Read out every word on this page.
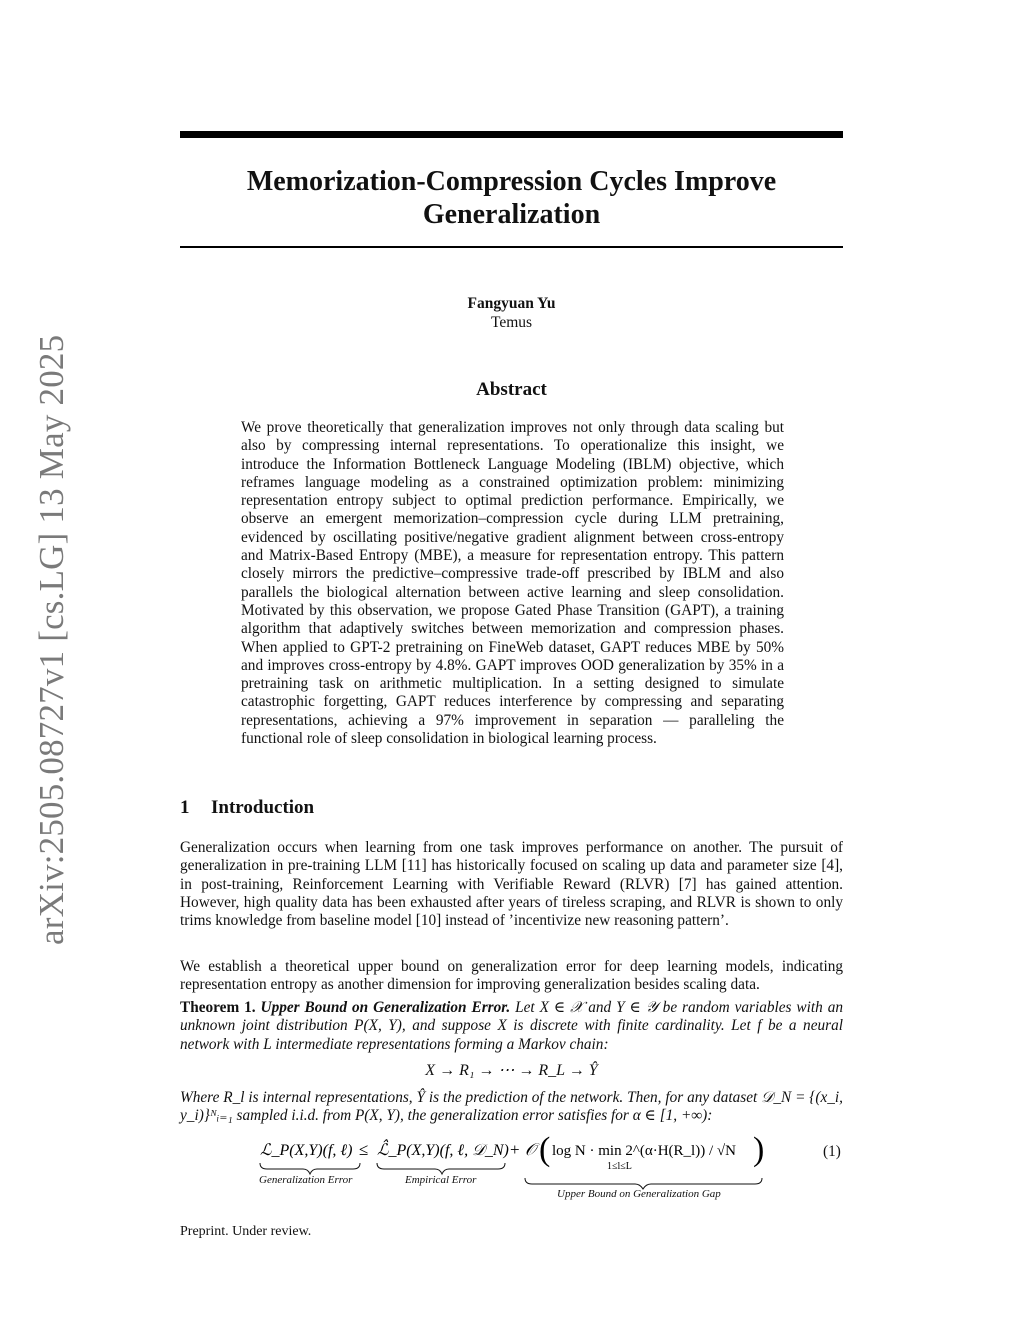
arXiv:2505.08727v1 [cs.LG] 13 May 2025
Memorization-Compression Cycles Improve
Generalization
Fangyuan Yu
Temus
Abstract
We prove theoretically that generalization improves not only through data scaling but also by compressing internal representations. To operationalize this insight, we introduce the Information Bottleneck Language Modeling (IBLM) objective, which reframes language modeling as a constrained optimization problem: minimizing representation entropy subject to optimal prediction performance. Empirically, we observe an emergent memorization–compression cycle during LLM pretraining, evidenced by oscillating positive/negative gradient alignment between cross-entropy and Matrix-Based Entropy (MBE), a measure for representation entropy. This pattern closely mirrors the predictive–compressive trade-off prescribed by IBLM and also parallels the biological alternation between active learning and sleep consolidation. Motivated by this observation, we propose Gated Phase Transition (GAPT), a training algorithm that adaptively switches between memorization and compression phases. When applied to GPT-2 pretraining on FineWeb dataset, GAPT reduces MBE by 50% and improves cross-entropy by 4.8%. GAPT improves OOD generalization by 35% in a pretraining task on arithmetic multiplication. In a setting designed to simulate catastrophic forgetting, GAPT reduces interference by compressing and separating representations, achieving a 97% improvement in separation — paralleling the functional role of sleep consolidation in biological learning process.
1 Introduction
Generalization occurs when learning from one task improves performance on another. The pursuit of generalization in pre-training LLM [11] has historically focused on scaling up data and parameter size [4], in post-training, Reinforcement Learning with Verifiable Reward (RLVR) [7] has gained attention. However, high quality data has been exhausted after years of tireless scraping, and RLVR is shown to only trims knowledge from baseline model [10] instead of ’incentivize new reasoning pattern’.
We establish a theoretical upper bound on generalization error for deep learning models, indicating representation entropy as another dimension for improving generalization besides scaling data.
Theorem 1. Upper Bound on Generalization Error. Let X ∈ 𝒳 and Y ∈ 𝒴 be random variables with an unknown joint distribution P(X, Y), and suppose X is discrete with finite cardinality. Let f be a neural network with L intermediate representations forming a Markov chain:
X → R₁ → ⋯ → R_L → Ŷ
Where R_l is internal representations, Ŷ is the prediction of the network. Then, for any dataset 𝒟_N = {(x_i, y_i)}ᴺᵢ₌₁ sampled i.i.d. from P(X, Y), the generalization error satisfies for α ∈ [1, +∞):
ℒ_P(X,Y)(f, ℓ) ≤ ℒ̂_P(X,Y)(f, ℓ, 𝒟_N) + 𝒪 ( log N · min 2^(α·H(R_l)) / √N
1≤l≤L	)
Generalization Error	Empirical Error
Upper Bound on Generalization Gap
(1)
Preprint. Under review.
